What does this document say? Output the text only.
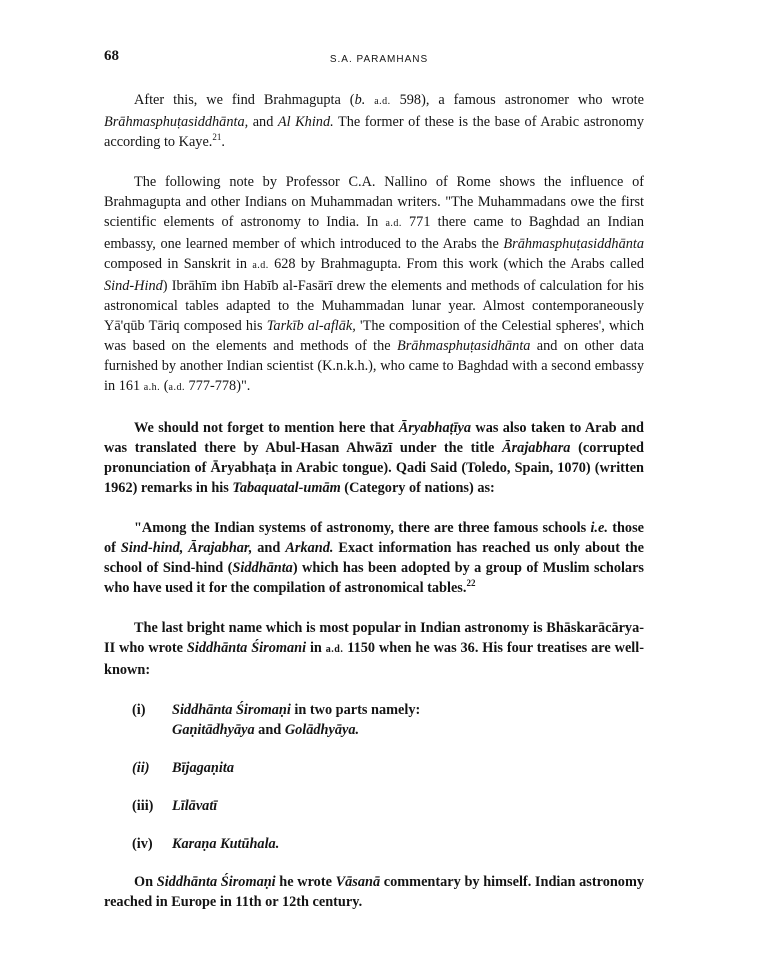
68	S.A. PARAMHANS

After this, we find Brahmagupta (b. a.d. 598), a famous astronomer who wrote Brāhmasphuṭasiddhānta, and Al Khind. The former of these is the base of Arabic astronomy according to Kaye.$^{21}$.

The following note by Professor C.A. Nallino of Rome shows the influence of Brahmagupta and other Indians on Muhammadan writers. "The Muhammadans owe the first scientific elements of astronomy to India. In a.d. 771 there came to Baghdad an Indian embassy, one learned member of which introduced to the Arabs the Brāhmasphuṭasiddhānta composed in Sanskrit in a.d. 628 by Brahmagupta. From this work (which the Arabs called Sind-Hind) Ibrāhīm ibn Habīb al-Fasārī drew the elements and methods of calculation for his astronomical tables adapted to the Muhammadan lunar year. Almost contemporaneously Yā'qūb Tāriq composed his Tarkīb al-aflāk, 'The composition of the Celestial spheres', which was based on the elements and methods of the Brāhmasphuṭasidhānta and on other data furnished by another Indian scientist (K.n.k.h.), who came to Baghdad with a second embassy in 161 a.h. (a.d. 777-778)".

We should not forget to mention here that Āryabhaṭīya was also taken to Arab and was translated there by Abul-Hasan Ahwāzī under the title Ārajabhara (corrupted pronunciation of Āryabhaṭa in Arabic tongue). Qadi Said (Toledo, Spain, 1070) (written 1962) remarks in his Tabaquatal-umām (Category of nations) as:

"Among the Indian systems of astronomy, there are three famous schools i.e. those of Sind-hind, Ārajabhar, and Arkand. Exact information has reached us only about the school of Sind-hind (Siddhānta) which has been adopted by a group of Muslim scholars who have used it for the compilation of astronomical tables.$^{22}$

The last bright name which is most popular in Indian astronomy is Bhāskarācārya-II who wrote Siddhānta Śiromani in a.d. 1150 when he was 36. His four treatises are well-known:

(i)	Siddhānta Śiromaṇi in two parts namely:
Gaṇitādhyāya and Golādhyāya.
(ii)	Bījagaṇita
(iii)	Līlāvatī
(iv)	Karaṇa Kutūhala.

On Siddhānta Śiromaṇi he wrote Vāsanā commentary by himself. Indian astronomy reached in Europe in 11th or 12th century.
